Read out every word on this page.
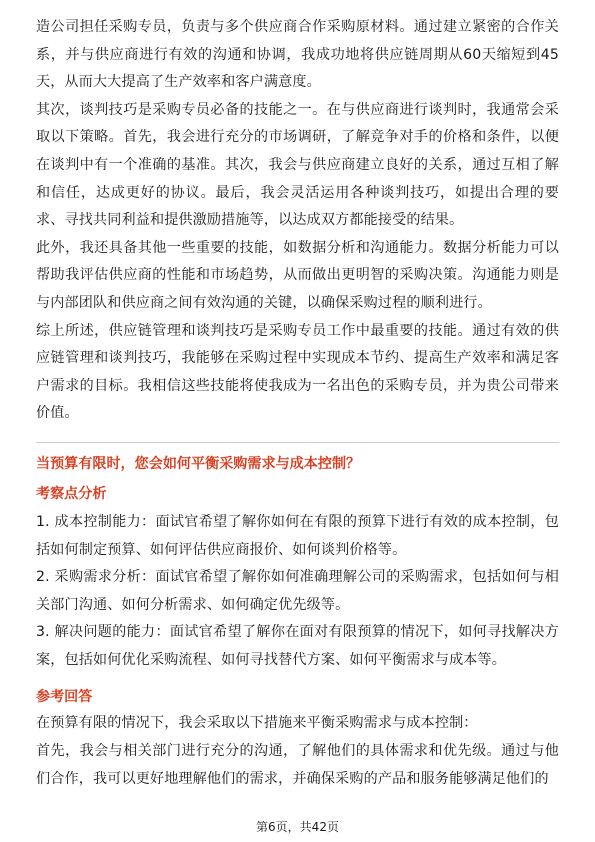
造公司担任采购专员，负责与多个供应商合作采购原材料。通过建立紧密的合作关系，并与供应商进行有效的沟通和协调，我成功地将供应链周期从60天缩短到45天，从而大大提高了生产效率和客户满意度。

其次，谈判技巧是采购专员必备的技能之一。在与供应商进行谈判时，我通常会采取以下策略。首先，我会进行充分的市场调研，了解竞争对手的价格和条件，以便在谈判中有一个准确的基准。其次，我会与供应商建立良好的关系，通过互相了解和信任，达成更好的协议。最后，我会灵活运用各种谈判技巧，如提出合理的要求、寻找共同利益和提供激励措施等，以达成双方都能接受的结果。

此外，我还具备其他一些重要的技能，如数据分析和沟通能力。数据分析能力可以帮助我评估供应商的性能和市场趋势，从而做出更明智的采购决策。沟通能力则是与内部团队和供应商之间有效沟通的关键，以确保采购过程的顺利进行。

综上所述，供应链管理和谈判技巧是采购专员工作中最重要的技能。通过有效的供应链管理和谈判技巧，我能够在采购过程中实现成本节约、提高生产效率和满足客户需求的目标。我相信这些技能将使我成为一名出色的采购专员，并为贵公司带来价值。

当预算有限时，您会如何平衡采购需求与成本控制？

考察点分析

1. 成本控制能力：面试官希望了解你如何在有限的预算下进行有效的成本控制，包括如何制定预算、如何评估供应商报价、如何谈判价格等。
2. 采购需求分析：面试官希望了解你如何准确理解公司的采购需求，包括如何与相关部门沟通、如何分析需求、如何确定优先级等。
3. 解决问题的能力：面试官希望了解你在面对有限预算的情况下，如何寻找解决方案，包括如何优化采购流程、如何寻找替代方案、如何平衡需求与成本等。

参考回答

在预算有限的情况下，我会采取以下措施来平衡采购需求与成本控制：

首先，我会与相关部门进行充分的沟通，了解他们的具体需求和优先级。通过与他们合作，我可以更好地理解他们的需求，并确保采购的产品和服务能够满足他们的

第6页，共42页
